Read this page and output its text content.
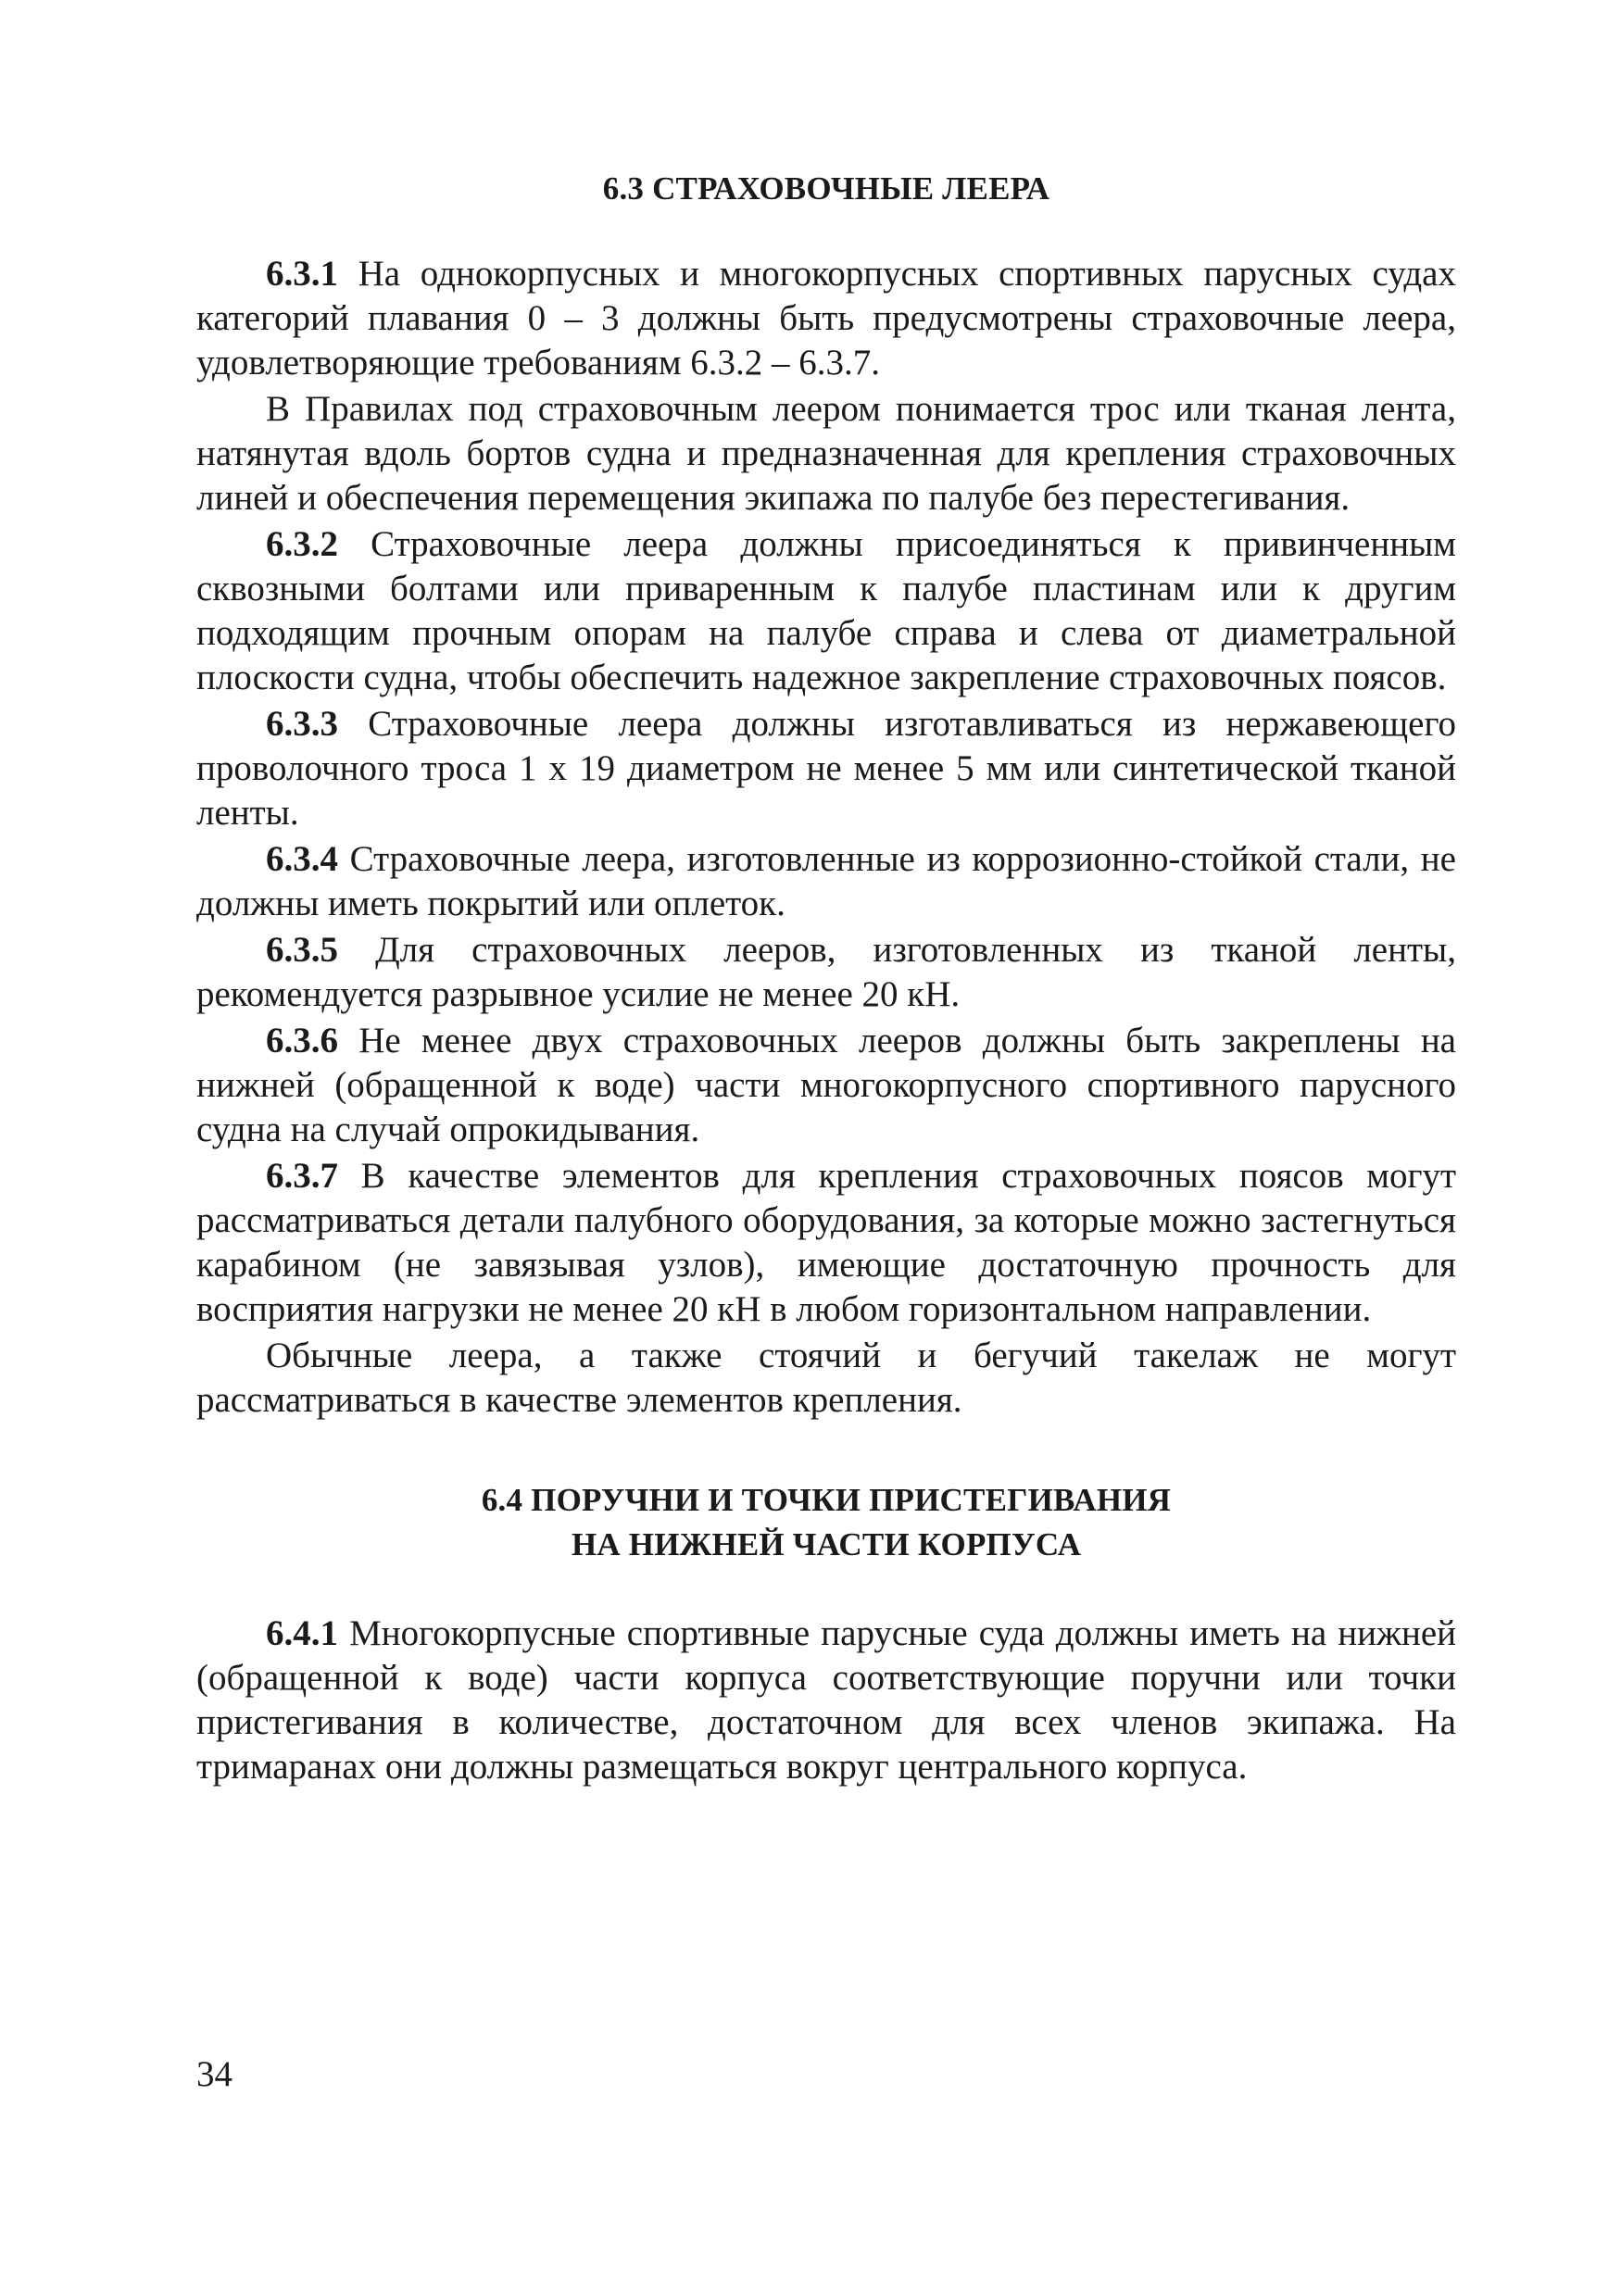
6.3 СТРАХОВОЧНЫЕ ЛЕЕРА

6.3.1 На однокорпусных и многокорпусных спортивных парусных судах категорий плавания 0 – 3 должны быть предусмотрены страховочные леера, удовлетворяющие требованиям 6.3.2 – 6.3.7.

В Правилах под страховочным леером понимается трос или тканая лента, натянутая вдоль бортов судна и предназначенная для крепления страховочных линей и обеспечения перемещения экипажа по палубе без перестегивания.

6.3.2 Страховочные леера должны присоединяться к привинченным сквозными болтами или приваренным к палубе пластинам или к другим подходящим прочным опорам на палубе справа и слева от диаметральной плоскости судна, чтобы обеспечить надежное закрепление страховочных поясов.

6.3.3 Страховочные леера должны изготавливаться из нержавеющего проволочного троса 1 х 19 диаметром не менее 5 мм или синтетической тканой ленты.

6.3.4 Страховочные леера, изготовленные из коррозионно-стойкой стали, не должны иметь покрытий или оплеток.

6.3.5 Для страховочных лееров, изготовленных из тканой ленты, рекомендуется разрывное усилие не менее 20 кН.

6.3.6 Не менее двух страховочных лееров должны быть закреплены на нижней (обращенной к воде) части многокорпусного спортивного парусного судна на случай опрокидывания.

6.3.7 В качестве элементов для крепления страховочных поясов могут рассматриваться детали палубного оборудования, за которые можно застегнуться карабином (не завязывая узлов), имеющие достаточную прочность для восприятия нагрузки не менее 20 кН в любом горизонтальном направлении.

Обычные леера, а также стоячий и бегучий такелаж не могут рассматриваться в качестве элементов крепления.

6.4 ПОРУЧНИ И ТОЧКИ ПРИСТЕГИВАНИЯ
НА НИЖНЕЙ ЧАСТИ КОРПУСА

6.4.1 Многокорпусные спортивные парусные суда должны иметь на нижней (обращенной к воде) части корпуса соответствующие поручни или точки пристегивания в количестве, достаточном для всех членов экипажа. На тримаранах они должны размещаться вокруг центрального корпуса.

34
